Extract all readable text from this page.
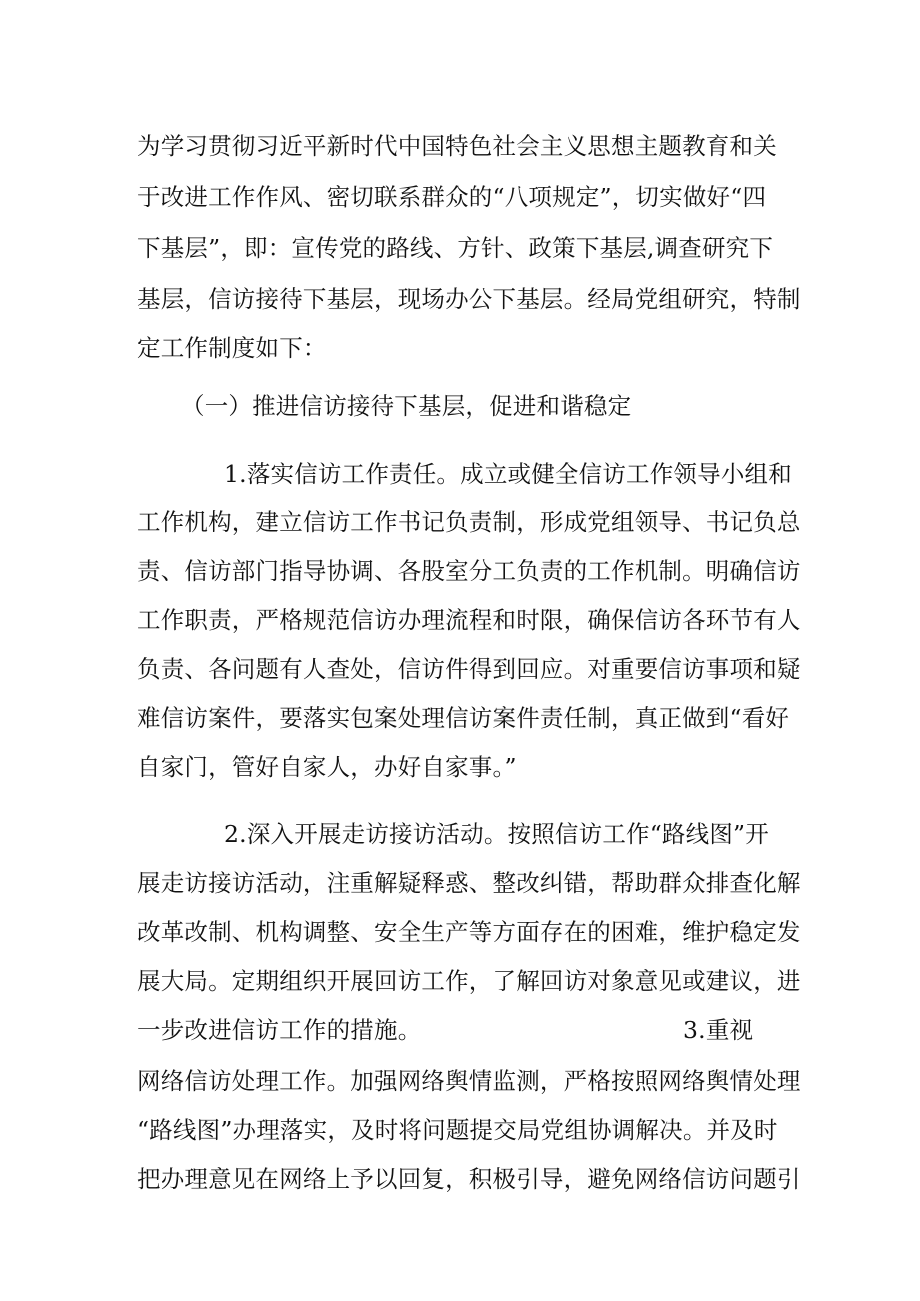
为学习贯彻习近平新时代中国特色社会主义思想主题教育和关
于改进工作作风、密切联系群众的“八项规定”，切实做好“四
下基层”，即：宣传党的路线、方针、政策下基层,调查研究下
基层，信访接待下基层，现场办公下基层。经局党组研究，特制
定工作制度如下：
（一）推进信访接待下基层，促进和谐稳定
1.落实信访工作责任。成立或健全信访工作领导小组和
工作机构，建立信访工作书记负责制，形成党组领导、书记负总
责、信访部门指导协调、各股室分工负责的工作机制。明确信访
工作职责，严格规范信访办理流程和时限，确保信访各环节有人
负责、各问题有人查处，信访件得到回应。对重要信访事项和疑
难信访案件，要落实包案处理信访案件责任制，真正做到“看好
自家门，管好自家人，办好自家事。”
2.深入开展走访接访活动。按照信访工作“路线图”开
展走访接访活动，注重解疑释惑、整改纠错，帮助群众排查化解
改革改制、机构调整、安全生产等方面存在的困难，维护稳定发
展大局。定期组织开展回访工作，了解回访对象意见或建议，进
一步改进信访工作的措施。	3.重视
网络信访处理工作。加强网络舆情监测，严格按照网络舆情处理
“路线图”办理落实，及时将问题提交局党组协调解决。并及时
把办理意见在网络上予以回复，积极引导，避免网络信访问题引
